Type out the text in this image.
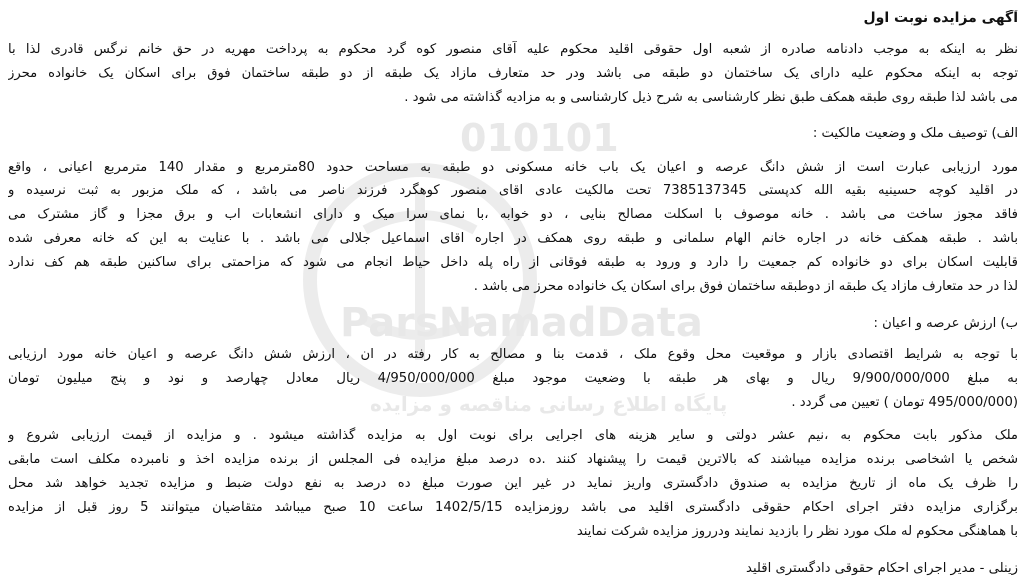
010101
ParsNamadData
پایگاه اطلاع رسانی مناقصه و مزایده
آگهی مزایده نوبت اول
نظر به اینکه به موجب دادنامه صادره از شعبه اول حقوقی اقلید محکوم علیه آقای منصور کوه گرد محکوم به پرداخت مهریه در حق خانم نرگس قادری لذا با
توجه به اینکه محکوم علیه دارای یک ساختمان دو طبقه می باشد ودر حد متعارف مازاد یک طبقه از دو طبقه ساختمان فوق برای اسکان یک خانواده محرز
می باشد لذا طبقه روی طبقه همکف طبق نظر کارشناسی به شرح ذیل کارشناسی و به مزادیه گذاشته می شود .
الف) توصیف ملک و وضعیت مالکیت :
مورد ارزیابی عبارت است از شش دانگ عرصه و اعیان یک باب خانه مسکونی دو طبقه به مساحت حدود 80مترمربع و مقدار 140 مترمربع اعیانی ، واقع
در اقلید کوچه حسینیه بقیه الله کدپستی 7385137345 تحت مالکیت عادی اقای منصور کوهگرد فرزند ناصر می باشد ، که ملک مزبور به ثبت نرسیده و
فاقد مجوز ساخت می باشد . خانه موصوف با اسکلت مصالح بنایی ، دو خوابه ،با نمای سرا میک و دارای انشعابات اب و برق مجزا و گاز مشترک می
باشد . طبقه همکف خانه در اجاره خانم الهام سلمانی و طبقه روی همکف در اجاره اقای اسماعیل جلالی می باشد . با عنایت به این که خانه معرفی شده
قابلیت اسکان برای دو خانواده کم جمعیت را دارد و ورود به طبقه فوقانی از راه پله داخل حیاط انجام می شود که مزاحمتی برای ساکنین طبقه هم کف ندارد
لذا در حد متعارف مازاد یک طبقه از دوطبقه ساختمان فوق برای اسکان یک خانواده محرز می باشد .
ب) ارزش عرصه و اعیان :
با توجه به شرایط اقتصادی بازار و موقعیت محل وقوع ملک ، قدمت بنا و مصالح به کار رفته در ان ، ارزش شش دانگ عرصه و اعیان خانه مورد ارزیابی
به مبلغ 9/900/000/000 ریال و بهای هر طبقه با وضعیت موجود مبلغ 4/950/000/000 ریال معادل چهارصد و نود و پنج میلیون تومان
(495/000/000 تومان ) تعیین می گردد .
ملک مذکور بابت محکوم به ،نیم عشر دولتی و سایر هزینه های اجرایی برای نوبت اول به مزایده گذاشته میشود . و مزایده از قیمت ارزیابی شروع و
شخص یا اشخاصی برنده مزایده میباشند که بالاترین قیمت را پیشنهاد کنند .ده درصد مبلغ مزایده فی المجلس از برنده مزایده اخذ و نامبرده مکلف است مابقی
را ظرف یک ماه از تاریخ مزایده به صندوق دادگستری واریز نماید در غیر این صورت مبلغ ده درصد به نفع دولت ضبط و مزایده تجدید خواهد شد محل
برگزاری مزایده دفتر اجرای احکام حقوقی دادگستری اقلید می باشد روزمزایده 1402/5/15 ساعت 10 صبح میباشد متقاضیان میتوانند 5 روز قبل از مزایده
با هماهنگی محکوم له ملک مورد نظر را بازدید نمایند ودرروز مزایده شرکت نمایند
زینلی - مدیر اجرای احکام حقوقی دادگستری اقلید
